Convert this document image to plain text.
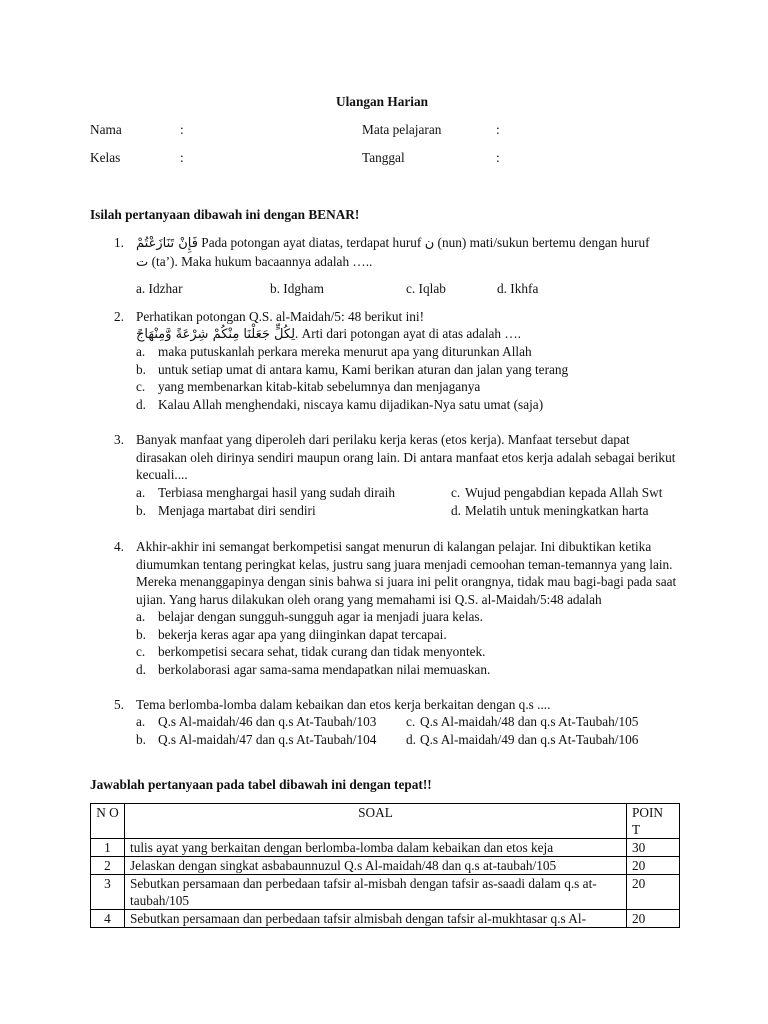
Ulangan Harian
Nama	:	Mata pelajaran	:
Kelas	:	Tanggal	:
Isilah pertanyaan dibawah ini dengan BENAR!
1. فَإِنْ تَنَازَعْتُمْ Pada potongan ayat diatas, terdapat huruf ن (nun) mati/sukun bertemu dengan huruf
ت (ta’). Maka hukum bacaannya adalah …..
a. Idzhar	b. Idgham	c. Iqlab	d. Ikhfa
2. Perhatikan potongan Q.S. al-Maidah/5: 48 berikut ini!
لِكُلٍّ جَعَلْنَا مِنْكُمْ شِرْعَةً وَّمِنْهَاجً. Arti dari potongan ayat di atas adalah ….
a. maka putuskanlah perkara mereka menurut apa yang diturunkan Allah
b. untuk setiap umat di antara kamu, Kami berikan aturan dan jalan yang terang
c. yang membenarkan kitab-kitab sebelumnya dan menjaganya
d. Kalau Allah menghendaki, niscaya kamu dijadikan-Nya satu umat (saja)
3. Banyak manfaat yang diperoleh dari perilaku kerja keras (etos kerja). Manfaat tersebut dapat dirasakan oleh dirinya sendiri maupun orang lain. Di antara manfaat etos kerja adalah sebagai berikut kecuali....
a. Terbiasa menghargai hasil yang sudah diraih	c. Wujud pengabdian kepada Allah Swt
b. Menjaga martabat diri sendiri	d. Melatih untuk meningkatkan harta
4. Akhir-akhir ini semangat berkompetisi sangat menurun di kalangan pelajar. Ini dibuktikan ketika diumumkan tentang peringkat kelas, justru sang juara menjadi cemoohan teman-temannya yang lain. Mereka menanggapinya dengan sinis bahwa si juara ini pelit orangnya, tidak mau bagi-bagi pada saat ujian. Yang harus dilakukan oleh orang yang memahami isi Q.S. al-Maidah/5:48 adalah
a. belajar dengan sungguh-sungguh agar ia menjadi juara kelas.
b. bekerja keras agar apa yang diinginkan dapat tercapai.
c. berkompetisi secara sehat, tidak curang dan tidak menyontek.
d. berkolaborasi agar sama-sama mendapatkan nilai memuaskan.
5. Tema berlomba-lomba dalam kebaikan dan etos kerja berkaitan dengan q.s ....
a. Q.s Al-maidah/46 dan q.s At-Taubah/103 c. Q.s Al-maidah/48 dan q.s At-Taubah/105
b. Q.s Al-maidah/47 dan q.s At-Taubah/104 d. Q.s Al-maidah/49 dan q.s At-Taubah/106
Jawablah pertanyaan pada tabel dibawah ini dengan tepat!!
N O	SOAL	POIN T
1	tulis ayat yang berkaitan dengan berlomba-lomba dalam kebaikan dan etos keja	30
2	Jelaskan dengan singkat asbabaunnuzul Q.s Al-maidah/48 dan q.s at-taubah/105	20
3	Sebutkan persamaan dan perbedaan tafsir al-misbah dengan tafsir as-saadi dalam q.s at-taubah/105	20
4	Sebutkan persamaan dan perbedaan tafsir almisbah dengan tafsir al-mukhtasar q.s Al-	20
